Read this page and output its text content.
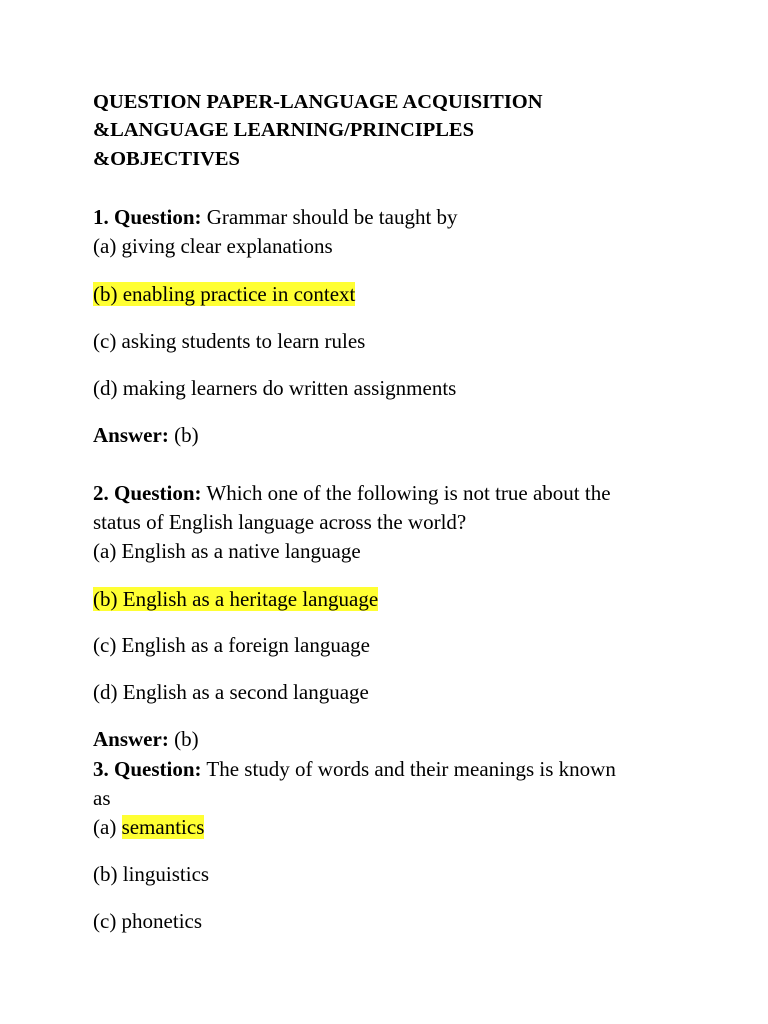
QUESTION PAPER-LANGUAGE ACQUISITION
&LANGUAGE LEARNING/PRINCIPLES
&OBJECTIVES
1. Question: Grammar should be taught by
(a) giving clear explanations
(b) enabling practice in context
(c) asking students to learn rules
(d) making learners do written assignments
Answer: (b)
2. Question: Which one of the following is not true about the
status of English language across the world?
(a) English as a native language
(b) English as a heritage language
(c) English as a foreign language
(d) English as a second language
Answer: (b)
3. Question: The study of words and their meanings is known
as
(a) semantics
(b) linguistics
(c) phonetics
